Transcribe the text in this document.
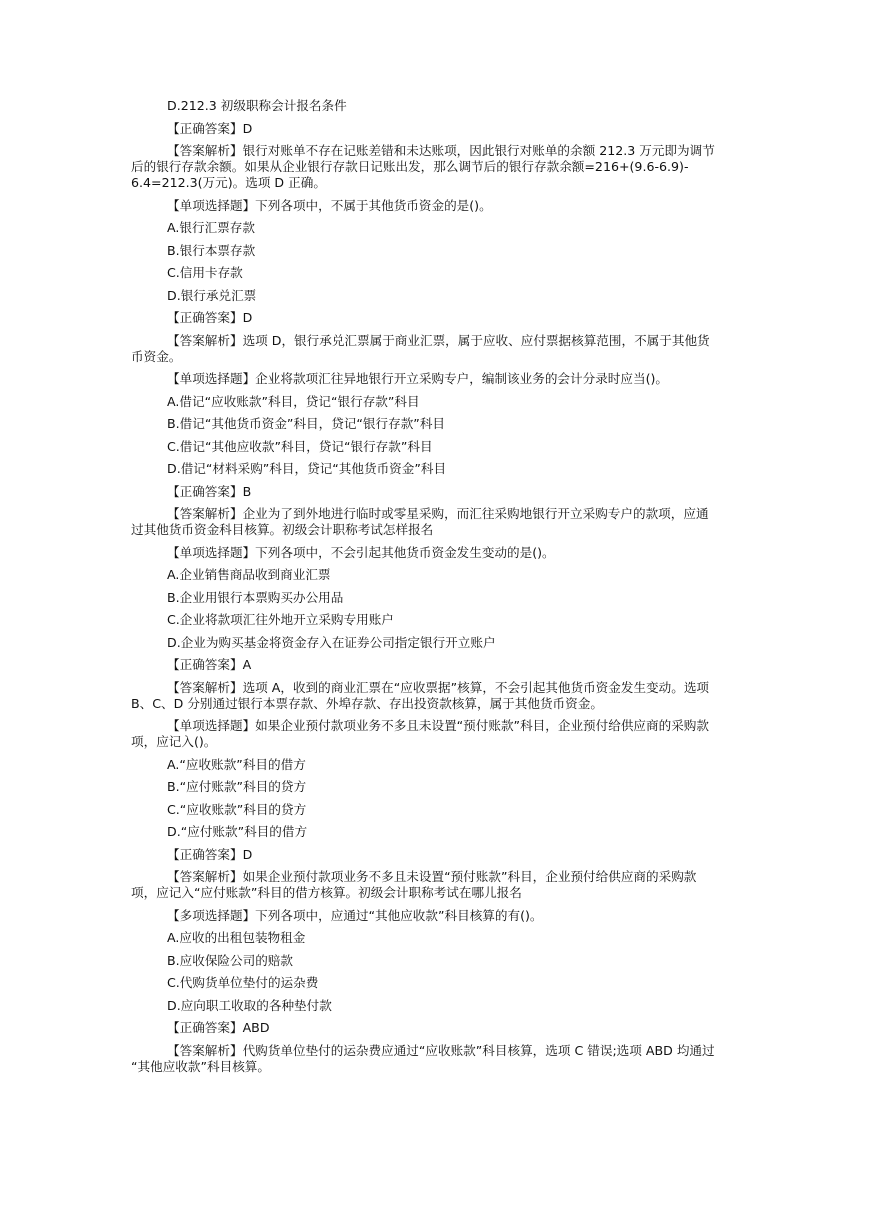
D.212.3 初级职称会计报名条件
【正确答案】D
【答案解析】银行对账单不存在记账差错和未达账项，因此银行对账单的余额 212.3 万元即为调节
后的银行存款余额。如果从企业银行存款日记账出发，那么调节后的银行存款余额=216+(9.6-6.9)-
6.4=212.3(万元)。选项 D 正确。
【单项选择题】下列各项中，不属于其他货币资金的是()。
A.银行汇票存款
B.银行本票存款
C.信用卡存款
D.银行承兑汇票
【正确答案】D
【答案解析】选项 D，银行承兑汇票属于商业汇票，属于应收、应付票据核算范围，不属于其他货
币资金。
【单项选择题】企业将款项汇往异地银行开立采购专户，编制该业务的会计分录时应当()。
A.借记“应收账款”科目，贷记“银行存款”科目
B.借记“其他货币资金”科目，贷记“银行存款”科目
C.借记“其他应收款”科目，贷记“银行存款”科目
D.借记“材料采购”科目，贷记“其他货币资金”科目
【正确答案】B
【答案解析】企业为了到外地进行临时或零星采购，而汇往采购地银行开立采购专户的款项，应通
过其他货币资金科目核算。初级会计职称考试怎样报名
【单项选择题】下列各项中，不会引起其他货币资金发生变动的是()。
A.企业销售商品收到商业汇票
B.企业用银行本票购买办公用品
C.企业将款项汇往外地开立采购专用账户
D.企业为购买基金将资金存入在证券公司指定银行开立账户
【正确答案】A
【答案解析】选项 A，收到的商业汇票在“应收票据”核算，不会引起其他货币资金发生变动。选项
B、C、D 分别通过银行本票存款、外埠存款、存出投资款核算，属于其他货币资金。
【单项选择题】如果企业预付款项业务不多且未设置“预付账款”科目，企业预付给供应商的采购款
项，应记入()。
A.“应收账款”科目的借方
B.“应付账款”科目的贷方
C.“应收账款”科目的贷方
D.“应付账款”科目的借方
【正确答案】D
【答案解析】如果企业预付款项业务不多且未设置“预付账款”科目，企业预付给供应商的采购款
项，应记入“应付账款”科目的借方核算。初级会计职称考试在哪儿报名
【多项选择题】下列各项中，应通过“其他应收款”科目核算的有()。
A.应收的出租包装物租金
B.应收保险公司的赔款
C.代购货单位垫付的运杂费
D.应向职工收取的各种垫付款
【正确答案】ABD
【答案解析】代购货单位垫付的运杂费应通过“应收账款”科目核算，选项 C 错误;选项 ABD 均通过
“其他应收款”科目核算。
